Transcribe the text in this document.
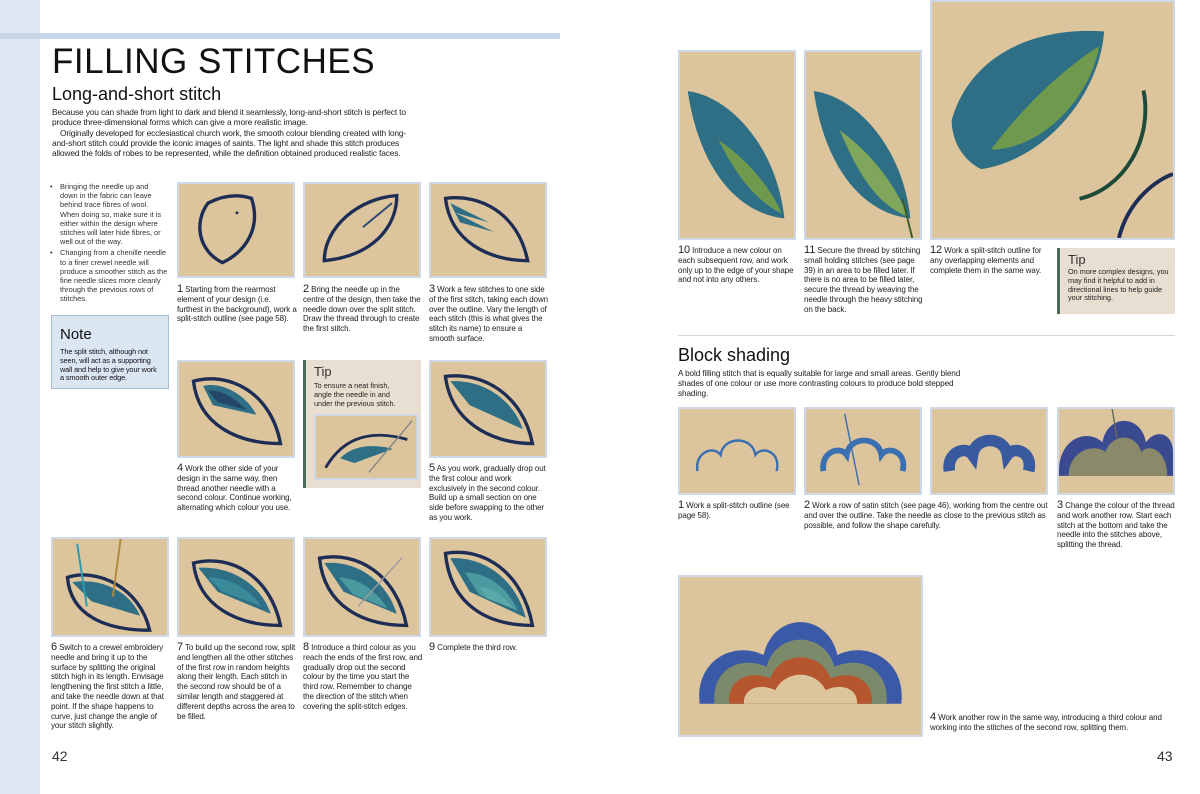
FILLING STITCHES
Long-and-short stitch

Because you can shade from light to dark and blend it seamlessly, long-and-short stitch is perfect to produce three-dimensional forms which can give a more realistic image.

Originally developed for ecclesiastical church work, the smooth colour blending created with long-and-short stitch could provide the iconic images of saints. The light and shade this stitch produces allowed the folds of robes to be represented, while the definition obtained produced realistic faces.

• Bringing the needle up and down in the fabric can leave behind trace fibres of wool. When doing so, make sure it is either within the design where stitches will later hide fibres, or well out of the way.
• Changing from a chenille needle to a finer crewel needle will produce a smoother stitch as the fine needle slices more cleanly through the previous rows of stitches.
Note
The split stitch, although not seen, will act as a supporting wall and help to give your work a smooth outer edge.
1 Starting from the rearmost element of your design (i.e. furthest in the background), work a split-stitch outline (see page 58).
2 Bring the needle up in the centre of the design, then take the needle down over the split stitch. Draw the thread through to create the first stitch.
3 Work a few stitches to one side of the first stitch, taking each down over the outline. Vary the length of each stitch (this is what gives the stitch its name) to ensure a smooth surface.
Tip
To ensure a neat finish, angle the needle in and under the previous stitch.
4 Work the other side of your design in the same way, then thread another needle with a second colour. Continue working, alternating which colour you use.
5 As you work, gradually drop out the first colour and work exclusively in the second colour. Build up a small section on one side before swapping to the other as you work.
6 Switch to a crewel embroidery needle and bring it up to the surface by splitting the original stitch high in its length. Envisage lengthening the first stitch a little, and take the needle down at that point. If the shape happens to curve, just change the angle of your stitch slightly.
7 To build up the second row, split and lengthen all the other stitches of the first row in random heights along their length. Each stitch in the second row should be of a similar length and staggered at different depths across the area to be filled.
8 Introduce a third colour as you reach the ends of the first row, and gradually drop out the second colour by the time you start the third row. Remember to change the direction of the stitch when covering the split-stitch edges.
9 Complete the third row.
42
10 Introduce a new colour on each subsequent row, and work only up to the edge of your shape and not into any others.
11 Secure the thread by stitching small holding stitches (see page 39) in an area to be filled later. If there is no area to be filled later, secure the thread by weaving the needle through the heavy stitching on the back.
12 Work a split-stitch outline for any overlapping elements and complete them in the same way.
Tip
On more complex designs, you may find it helpful to add in directional lines to help guide your stitching.
Block shading
A bold filling stitch that is equally suitable for large and small areas. Gently blend shades of one colour or use more contrasting colours to produce bold stepped shading.
1 Work a split-stitch outline (see page 58).
2 Work a row of satin stitch (see page 46), working from the centre out and over the outline. Take the needle as close to the previous stitch as possible, and follow the shape carefully.
3 Change the colour of the thread and work another row. Start each stitch at the bottom and take the needle into the stitches above, splitting the thread.
4 Work another row in the same way, introducing a third colour and working into the stitches of the second row, splitting them.
43
